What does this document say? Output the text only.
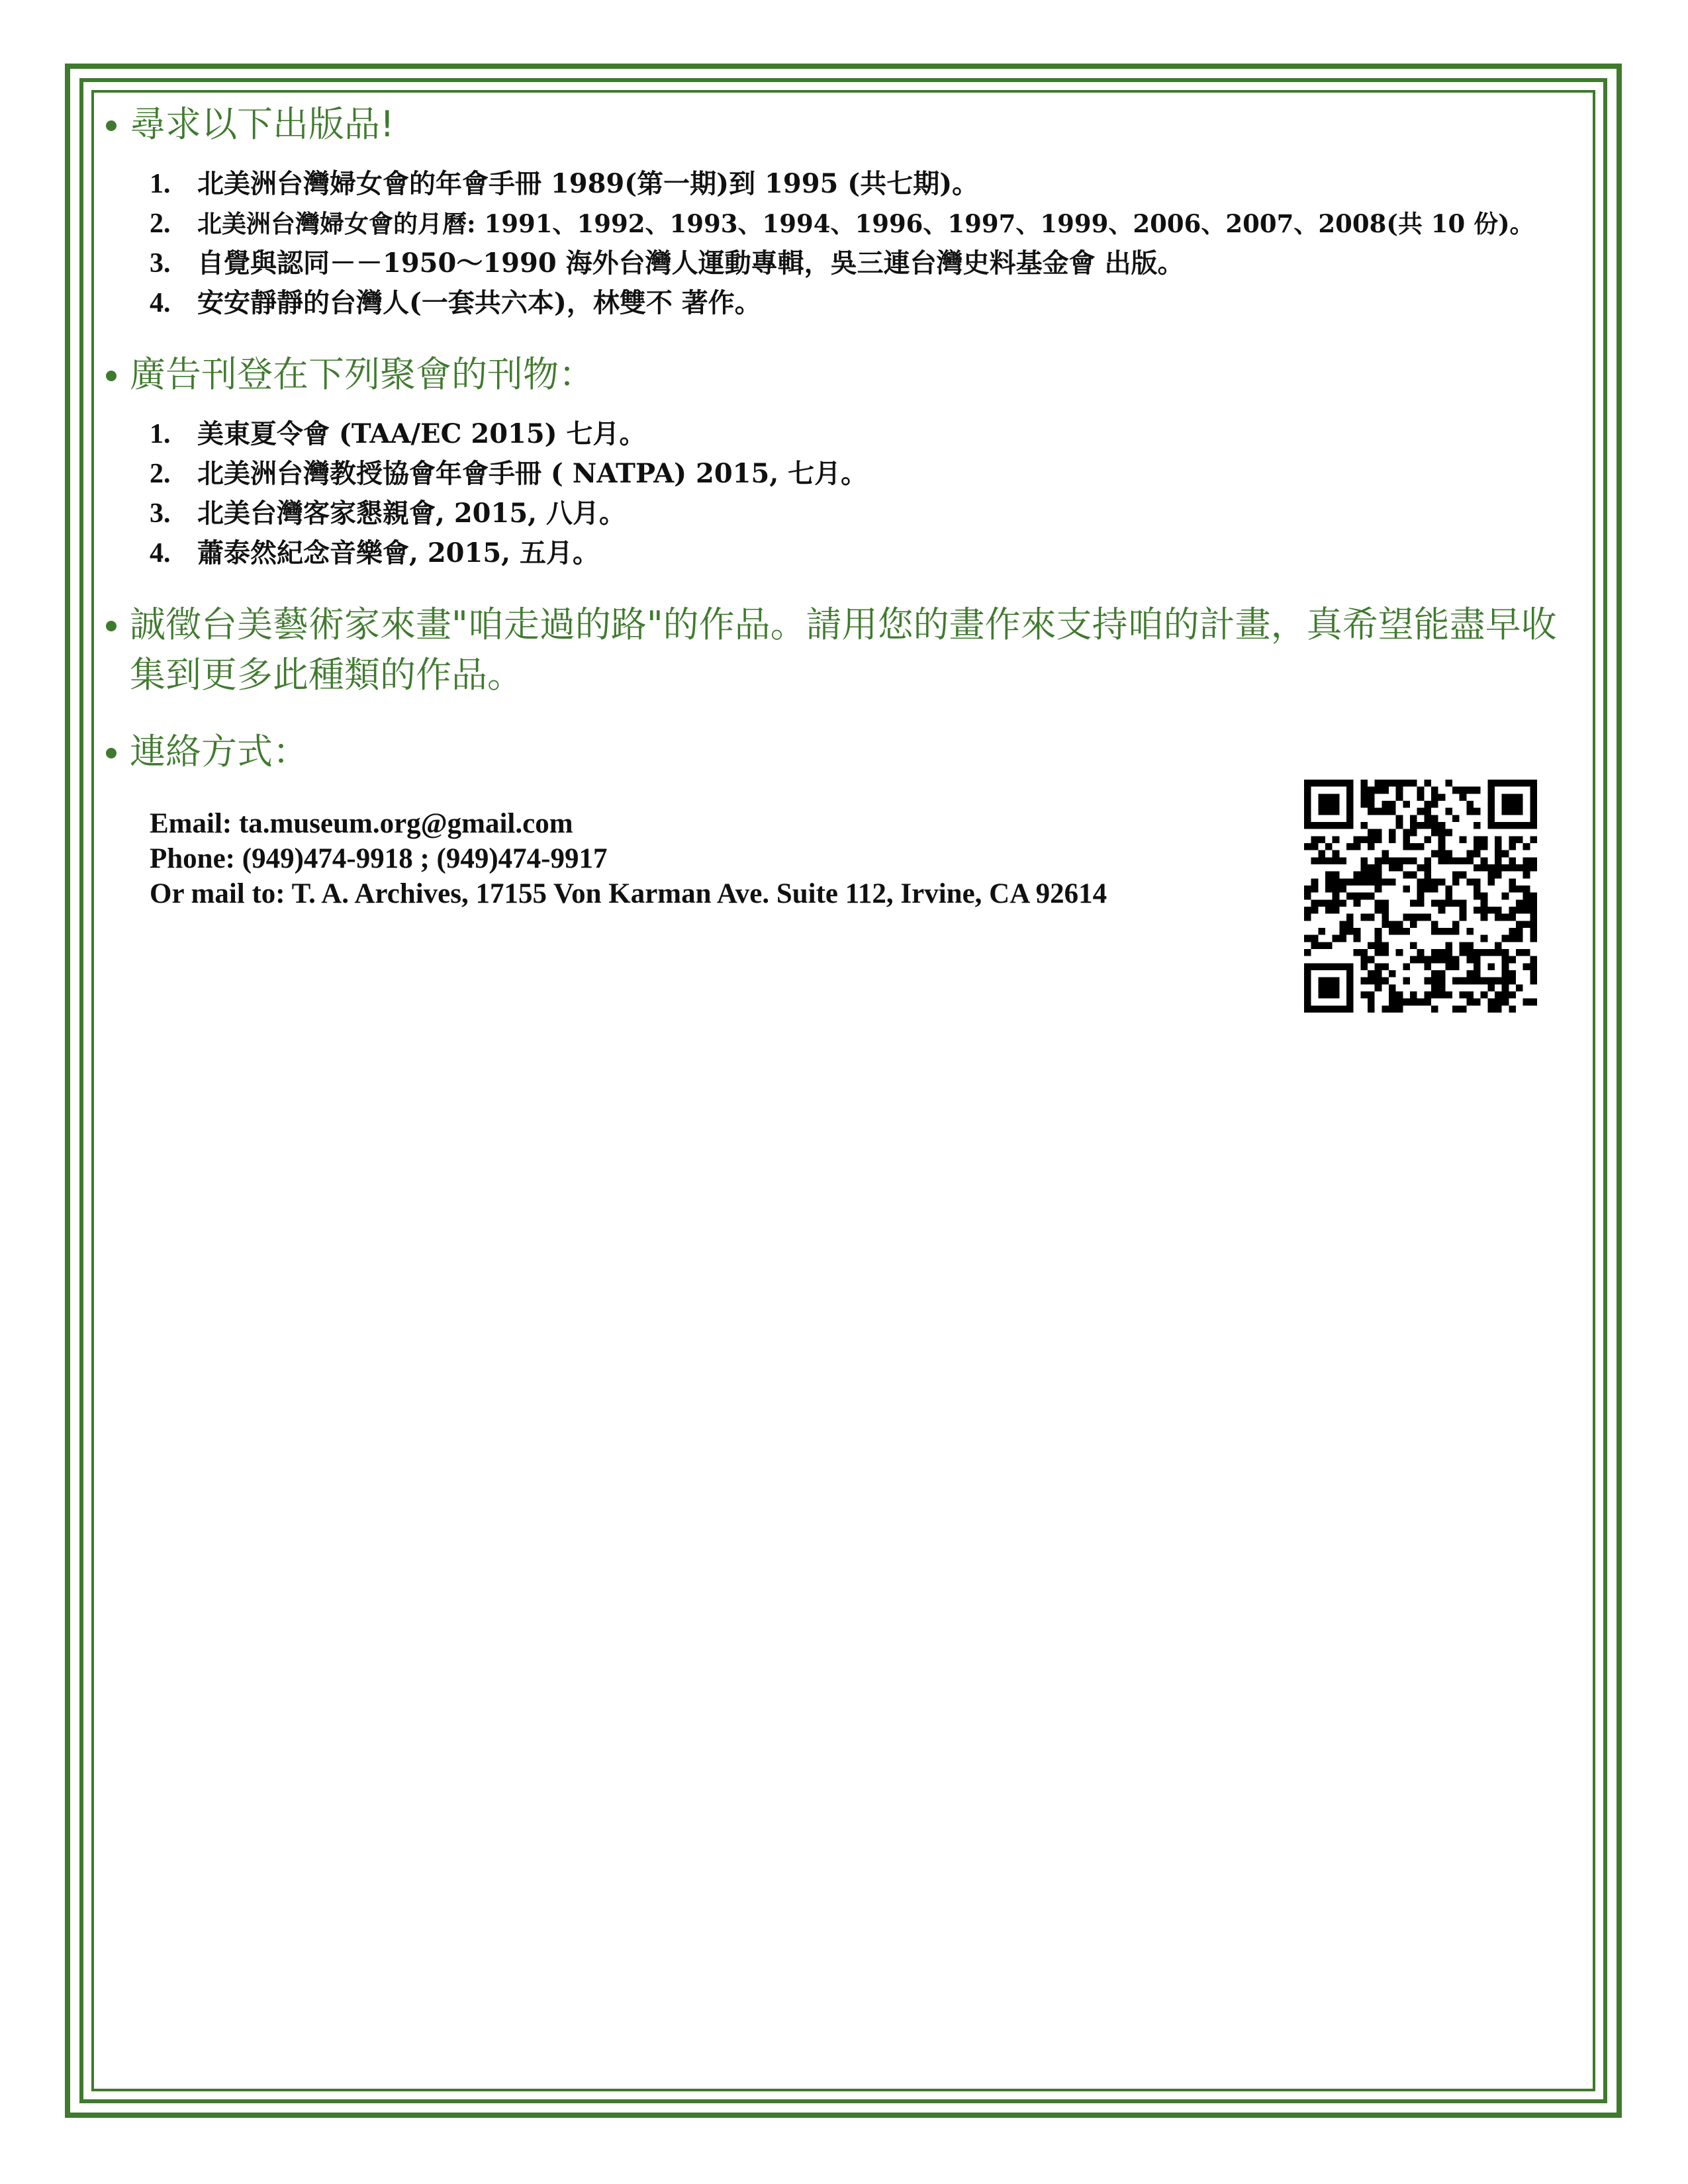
尋求以下出版品!
1.	北美洲台灣婦女會的年會手冊 1989(第一期)到 1995 (共七期)。
2.	北美洲台灣婦女會的月曆: 1991、1992、1993、1994、1996、1997、1999、2006、2007、2008(共 10 份)。
3.	自覺與認同－－1950～1990 海外台灣人運動專輯，吳三連台灣史料基金會 出版。
4.	安安靜靜的台灣人(一套共六本)，林雙不 著作。
廣告刊登在下列聚會的刊物：
1.	美東夏令會 (TAA/EC 2015) 七月。
2.	北美洲台灣教授協會年會手冊 ( NATPA) 2015, 七月。
3.	北美台灣客家懇親會, 2015, 八月。
4.	蕭泰然紀念音樂會, 2015, 五月。
誠徵台美藝術家來畫"咱走過的路"的作品。請用您的畫作來支持咱的計畫，真希望能盡早收集到更多此種類的作品。
連絡方式：
Email: ta.museum.org@gmail.com
Phone: (949)474-9918 ; (949)474-9917
Or mail to: T. A. Archives, 17155 Von Karman Ave. Suite 112, Irvine, CA 92614
